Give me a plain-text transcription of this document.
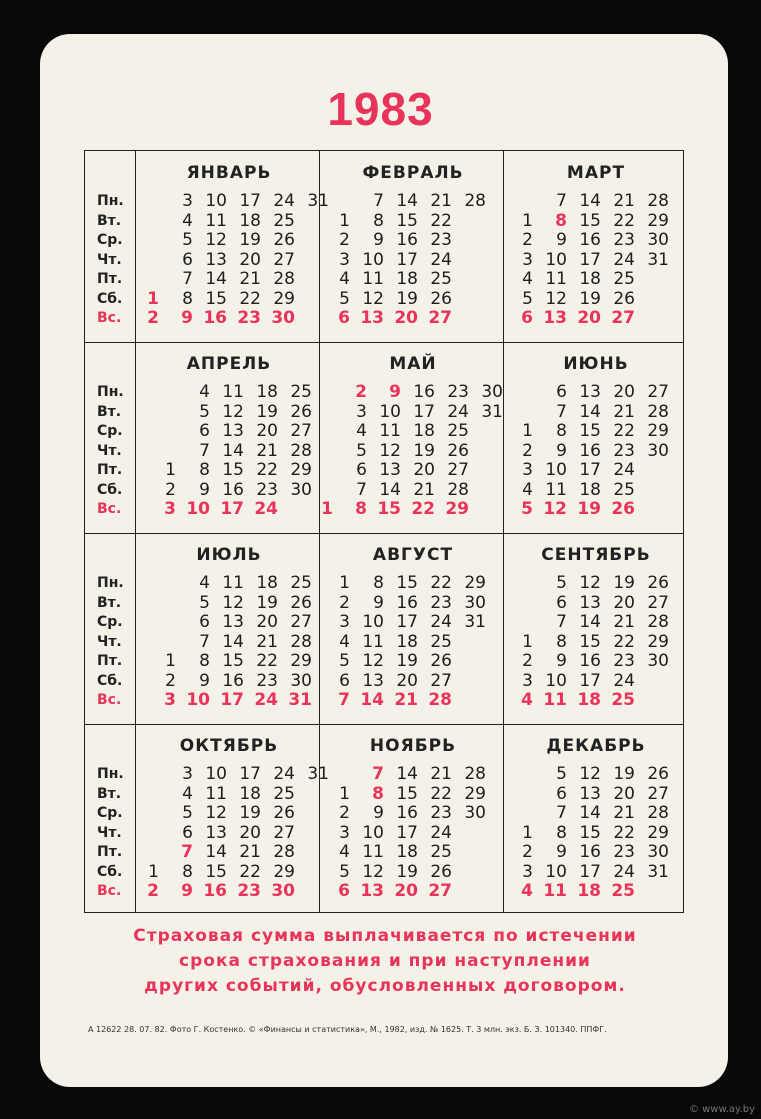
1983
Пн.
Вт.
Ср.
Чт.
Пт.
Сб.
Вс.
Пн.
Вт.
Ср.
Чт.
Пт.
Сб.
Вс.
Пн.
Вт.
Ср.
Чт.
Пт.
Сб.
Вс.
Пн.
Вт.
Ср.
Чт.
Пт.
Сб.
Вс.
ЯНВАРЬ
1
2
3
4
5
6
7
8
9
10
11
12
13
14
15
16
17
18
19
20
21
22
23
24
25
26
27
28
29
30
31
ФЕВРАЛЬ
1
2
3
4
5
6
7
8
9
10
11
12
13
14
15
16
17
18
19
20
21
22
23
24
25
26
27
28
МАРТ
1
2
3
4
5
6
7
8
9
10
11
12
13
14
15
16
17
18
19
20
21
22
23
24
25
26
27
28
29
30
31
АПРЕЛЬ
1
2
3
4
5
6
7
8
9
10
11
12
13
14
15
16
17
18
19
20
21
22
23
24
25
26
27
28
29
30
МАЙ
1
2
3
4
5
6
7
8
9
10
11
12
13
14
15
16
17
18
19
20
21
22
23
24
25
26
27
28
29
30
31
ИЮНЬ
1
2
3
4
5
6
7
8
9
10
11
12
13
14
15
16
17
18
19
20
21
22
23
24
25
26
27
28
29
30
ИЮЛЬ
1
2
3
4
5
6
7
8
9
10
11
12
13
14
15
16
17
18
19
20
21
22
23
24
25
26
27
28
29
30
31
АВГУСТ
1
2
3
4
5
6
7
8
9
10
11
12
13
14
15
16
17
18
19
20
21
22
23
24
25
26
27
28
29
30
31
СЕНТЯБРЬ
1
2
3
4
5
6
7
8
9
10
11
12
13
14
15
16
17
18
19
20
21
22
23
24
25
26
27
28
29
30
ОКТЯБРЬ
1
2
3
4
5
6
7
8
9
10
11
12
13
14
15
16
17
18
19
20
21
22
23
24
25
26
27
28
29
30
31
НОЯБРЬ
1
2
3
4
5
6
7
8
9
10
11
12
13
14
15
16
17
18
19
20
21
22
23
24
25
26
27
28
29
30
ДЕКАБРЬ
1
2
3
4
5
6
7
8
9
10
11
12
13
14
15
16
17
18
19
20
21
22
23
24
25
26
27
28
29
30
31
Страховая сумма выплачивается по истечении
срока страхования и при наступлении
других событий, обусловленных договором.
А 12622 28. 07. 82. Фото Г. Костенко. © «Финансы и статистика», М., 1982, изд. № 1625. Т. 3 млн. экз. Б. З. 101340. ППФГ.
© www.ay.by
